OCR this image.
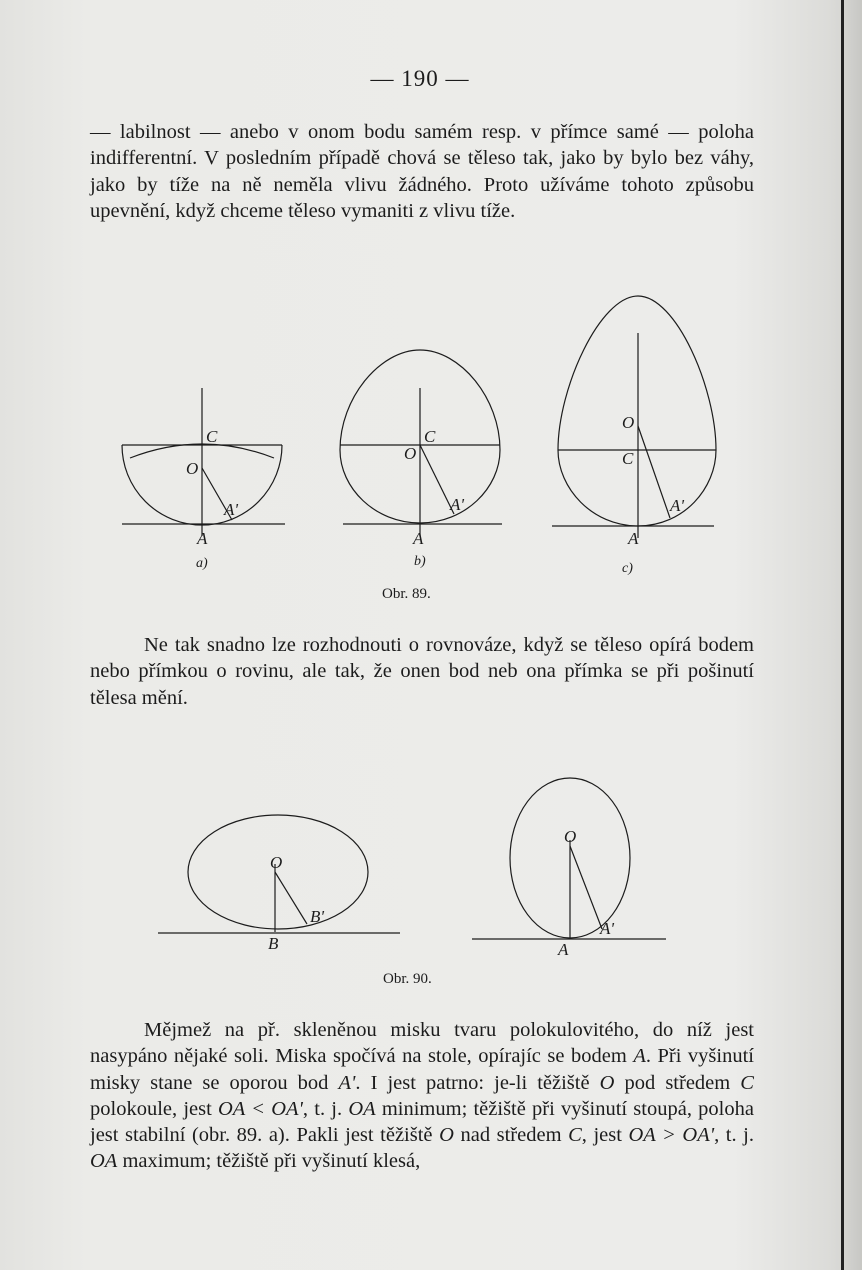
— 190 —
— labilnost — anebo v onom bodu samém resp. v přímce samé — poloha indifferentní. V posledním případě chová se těleso tak, jako by bylo bez váhy, jako by tíže na ně neměla vlivu žádného. Proto užíváme tohoto způsobu upevnění, když chceme těleso vymaniti z vlivu tíže.
C
O
A'
A
a)
C
O
A'
A
b)
O
C
A'
A
c)
Obr. 89.
Ne tak snadno lze rozhodnouti o rovnováze, když se těleso opírá bodem nebo přímkou o rovinu, ale tak, že onen bod neb ona přímka se při pošinutí tělesa mění.
O
B'
B
O
A'
A
Obr. 90.
Mějmež na př. skleněnou misku tvaru polokulovitého, do níž jest nasypáno nějaké soli. Miska spočívá na stole, opírajíc se bodem A. Při vyšinutí misky stane se oporou bod A'. I jest patrno: je-li těžiště O pod středem C polokoule, jest OA < OA', t. j. OA minimum; těžiště při vyšinutí stoupá, poloha jest stabilní (obr. 89. a). Pakli jest těžiště O nad středem C, jest OA > OA', t. j. OA maximum; těžiště při vyšinutí klesá,
